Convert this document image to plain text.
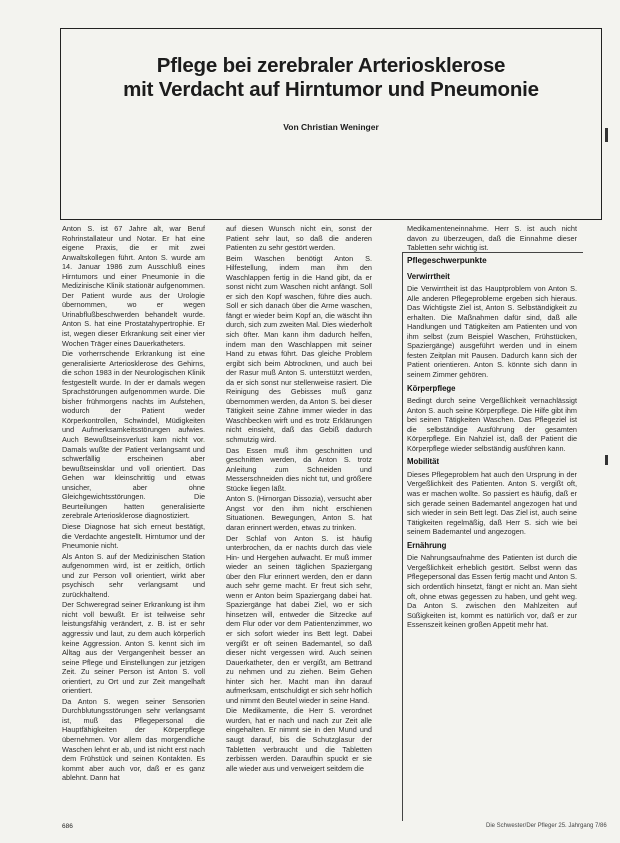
Pflege bei zerebraler Arteriosklerose
mit Verdacht auf Hirntumor und Pneumonie
Von Christian Weninger

Anton S. ist 67 Jahre alt, war Beruf Rohrinstallateur und Notar. Er hat eine eigene Praxis, die er mit zwei Anwaltskollegen führt. Anton S. wurde am 14. Januar 1986 zum Ausschluß eines Hirntumors und einer Pneumonie in die Medizinische Klinik stationär aufgenommen. Der Patient wurde aus der Urologie übernommen, wo er wegen Urinabflußbeschwerden behandelt wurde. Anton S. hat eine Prostatahypertrophie. Er ist, wegen dieser Erkrankung seit einer vier Wochen Träger eines Dauerkatheters.

Die vorherrschende Erkrankung ist eine generalisierte Arteriosklerose des Gehirns, die schon 1983 in der Neurologischen Klinik festgestellt wurde. In der er damals wegen Sprachstörungen aufgenommen wurde. Die bisher frühmorgens nachts im Aufstehen, wodurch der Patient weder Körperkontrollen, Schwindel, Müdigkeiten und Aufmerksamkeitsstörungen aufwies. Auch Bewußtseinsverlust kam nicht vor. Damals wußte der Patient verlangsamt und schwerfällig erscheinen aber bewußtseinsklar und voll orientiert. Das Gehen war kleinschrittig und etwas unsicher, aber ohne Gleichgewichtsstörungen. Die Beurteilungen hatten generalisierte zerebrale Arteriosklerose diagnostiziert.

Diese Diagnose hat sich erneut bestätigt, die Verdachte angestellt. Hirntumor und der Pneumonie nicht.

Als Anton S. auf der Medizinischen Station aufgenommen wird, ist er zeitlich, örtlich und zur Person voll orientiert, wirkt aber psychisch sehr verlangsamt und zurückhaltend.

Der Schweregrad seiner Erkrankung ist ihm nicht voll bewußt. Er ist teilweise sehr leistungsfähig verändert, z. B. ist er sehr aggressiv und laut, zu dem auch körperlich keine Aggression. Anton S. kennt sich im Alltag aus der Vergangenheit besser an seine Pflege und Einstellungen zur jetzigen Zeit. Zu seiner Person ist Anton S. voll orientiert, zu Ort und zur Zeit mangelhaft orientiert.

Da Anton S. wegen seiner Sensorien Durchblutungsstörungen sehr verlangsamt ist, muß das Pflegepersonal die Hauptfähigkeiten der Körperpflege übernehmen. Vor allem das morgendliche Waschen lehnt er ab, und ist nicht erst nach dem Frühstück und seinen Kontakten. Es kommt aber auch vor, daß er es ganz ablehnt. Dann hat

auf diesen Wunsch nicht ein, sonst der Patient sehr laut, so daß die anderen Patienten zu sehr gestört werden.

Beim Waschen benötigt Anton S. Hilfestellung, indem man ihm den Waschlappen fertig in die Hand gibt, da er sonst nicht zum Waschen nicht anfängt. Soll er sich den Kopf waschen, führe dies auch. Soll er sich danach über die Arme waschen, fängt er wieder beim Kopf an, die wäscht ihn durch, sich zum zweiten Mal. Dies wiederholt sich öfter. Man kann ihm dadurch helfen, indem man den Waschlappen mit seiner Hand zu etwas führt. Das gleiche Problem ergibt sich beim Abtrocknen, und auch bei der Rasur muß Anton S. unterstützt werden, da er sich sonst nur stellenweise rasiert. Die Reinigung des Gebisses muß ganz übernommen werden, da Anton S. bei dieser Tätigkeit seine Zähne immer wieder in das Waschbecken wirft und es trotz Erklärungen nicht einsieht, daß das Gebiß dadurch schmutzig wird.

Das Essen muß ihm geschnitten und geschnitten werden, da Anton S. trotz Anleitung zum Schneiden und Messerschneiden dies nicht tut, und größere Stücke liegen läßt.

Anton S. (Hirnorgan Dissozia), versucht aber Angst vor den ihm nicht erschienen Situationen. Bewegungen, Anton S. hat daran erinnert werden, etwas zu trinken.

Der Schlaf von Anton S. ist häufig unterbrochen, da er nachts durch das viele Hin- und Hergehen aufwacht. Er muß immer wieder an seinen täglichen Spaziergang über den Flur erinnert werden, den er dann auch sehr gerne macht. Er freut sich sehr, wenn er Anton beim Spaziergang dabei hat. Spaziergänge hat dabei Ziel, wo er sich hinsetzen will, entweder die Sitzecke auf dem Flur oder vor dem Patientenzimmer, wo er sich sofort wieder ins Bett legt. Dabei vergißt er oft seinen Bademantel, so daß dieser nicht vergessen wird. Auch seinen Dauerkatheter, den er vergißt, am Bettrand zu nehmen und zu ziehen. Beim Gehen hinter sich her. Macht man ihn darauf aufmerksam, entschuldigt er sich sehr höflich und nimmt den Beutel wieder in seine Hand.

Die Medikamente, die Herr S. verordnet wurden, hat er nach und nach zur Zeit alle eingehalten. Er nimmt sie in den Mund und saugt darauf, bis die Schutzglasur der Tabletten verbraucht und die Tabletten zerbissen werden. Daraufhin spuckt er sie alle wieder aus und verweigert seitdem die

Medikamenteneinnahme. Herr S. ist auch nicht davon zu überzeugen, daß die Einnahme dieser Tabletten sehr wichtig ist.

Pflegeschwerpunkte
Verwirrtheit

Die Verwirrtheit ist das Hauptproblem von Anton S. Alle anderen Pflegeprobleme ergeben sich hieraus. Das Wichtigste Ziel ist, Anton S. Selbständigkeit zu erhalten. Die Maßnahmen dafür sind, daß alle Handlungen und Tätigkeiten am Patienten und von ihm selbst (zum Beispiel Waschen, Frühstücken, Spaziergänge) ausgeführt werden und in einem festen Zeitplan mit Pausen. Dadurch kann sich der Patient orientieren. Anton S. könnte sich dann in seinem Zimmer gehören.

Körperpflege

Bedingt durch seine Vergeßlichkeit vernachlässigt Anton S. auch seine Körperpflege. Die Hilfe gibt ihm bei seinen Tätigkeiten Waschen. Das Pflegeziel ist die selbständige Ausführung der gesamten Körperpflege. Ein Nahziel ist, daß der Patient die Körperpflege wieder selbständig ausführen kann.

Mobilität

Dieses Pflegeproblem hat auch den Ursprung in der Vergeßlichkeit des Patienten. Anton S. vergißt oft, was er machen wollte. So passiert es häufig, daß er sich gerade seinen Bademantel angezogen hat und sich wieder in sein Bett legt. Das Ziel ist, auch seine Tätigkeiten regelmäßig, daß Herr S. sich wie bei seinem Bademantel und angezogen.

Ernährung

Die Nahrungsaufnahme des Patienten ist durch die Vergeßlichkeit erheblich gestört. Selbst wenn das Pflegepersonal das Essen fertig macht und Anton S. sich ordentlich hinsetzt, fängt er nicht an. Man sieht oft, ohne etwas gegessen zu haben, und geht weg. Da Anton S. zwischen den Mahlzeiten auf Süßigkeiten ist, kommt es natürlich vor, daß er zur Essenszeit keinen großen Appetit mehr hat.

686	Die Schwester/Der Pfleger 25. Jahrgang 7/86
